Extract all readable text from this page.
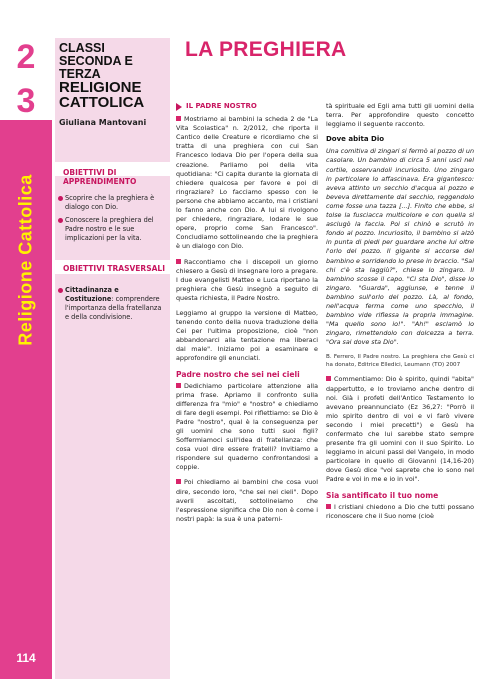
2
3
Religione Cattolica
114
CLASSI SECONDA E TERZA
RELIGIONE CATTOLICA
Giuliana Mantovani
OBIETTIVI DI APPRENDIMENTO
Scoprire che la preghiera è dialogo con Dio.
Conoscere la preghiera del Padre nostro e le sue implicazioni per la vita.
OBIETTIVI TRASVERSALI
Cittadinanza e Costituzione: comprendere l'importanza della fratellanza e della condivisione.
LA PREGHIERA
IL PADRE NOSTRO

Mostriamo ai bambini la scheda 2 de "La Vita Scolastica" n. 2/2012, che riporta il Cantico delle Creature e ricordiamo che si tratta di una preghiera con cui San Francesco lodava Dio per l'opera della sua creazione. Parliamo poi della vita quotidiana: "Ci capita durante la giornata di chiedere qualcosa per favore e poi di ringraziare? Lo facciamo spesso con le persone che abbiamo accanto, ma i cristiani lo fanno anche con Dio. A lui si rivolgono per chiedere, ringraziare, lodare le sue opere, proprio come San Francesco". Concludiamo sottolineando che la preghiera è un dialogo con Dio.

Raccontiamo che i discepoli un giorno chiesero a Gesù di insegnare loro a pregare. I due evangelisti Matteo e Luca riportano la preghiera che Gesù insegnò a seguito di questa richiesta, il Padre Nostro.

Leggiamo al gruppo la versione di Matteo, tenendo conto della nuova traduzione della Cei per l'ultima proposizione, cioè "non abbandonarci alla tentazione ma liberaci dal male". Iniziamo poi a esaminare e approfondire gli enunciati.

Padre nostro che sei nei cieli

Dedichiamo particolare attenzione alla prima frase. Apriamo il confronto sulla differenza fra "mio" e "nostro" e chiediamo di fare degli esempi. Poi riflettiamo: se Dio è Padre "nostro", qual è la conseguenza per gli uomini che sono tutti suoi figli? Soffermiamoci sull'idea di fratellanza: che cosa vuol dire essere fratelli? Invitiamo a rispondere sul quaderno confrontandosi a coppie.

Poi chiediamo ai bambini che cosa vuol dire, secondo loro, "che sei nei cieli". Dopo averli ascoltati, sottolineiamo che l'espressione significa che Dio non è come i nostri papà: la sua è una paterni-

tà spirituale ed Egli ama tutti gli uomini della terra. Per approfondire questo concetto leggiamo il seguente racconto.

Dove abita Dio

Una comitiva di zingari si fermò al pozzo di un casolare. Un bambino di circa 5 anni uscì nel cortile, osservandoli incuriosito. Uno zingaro in particolare lo affascinava. Era gigantesco: aveva attinto un secchio d'acqua al pozzo e beveva direttamente dal secchio, reggendolo come fosse una tazza [...]. Finito che ebbe, si tolse la fusciacca multicolore e con quella si asciugò la faccia. Poi si chinò e scrutò in fondo al pozzo. Incuriosito, il bambino si alzò in punta di piedi per guardare anche lui oltre l'orlo del pozzo. Il gigante si accorse del bambino e sorridendo lo prese in braccio. "Sai chi c'è sta laggiù?", chiese lo zingaro. Il bambino scosse il capo. "Ci sta Dio", disse lo zingaro. "Guarda", aggiunse, e tenne il bambino sull'orlo del pozzo. Là, al fondo, nell'acqua ferma come uno specchio, il bambino vide riflessa la propria immagine. "Ma quello sono io!". "Ah!" esclamò lo zingaro, rimettendolo con dolcezza a terra. "Ora sai dove sta Dio".

B. Ferrero, Il Padre nostro. La preghiera che Gesù ci ha donato, Editrice Elledici, Leumann (TO) 2007

Commentiamo: Dio è spirito, quindi "abita" dappertutto, e lo troviamo anche dentro di noi. Già i profeti dell'Antico Testamento lo avevano preannunciato (Ez 36,27: "Porrò il mio spirito dentro di voi e vi farò vivere secondo i miei precetti") e Gesù ha confermato che lui sarebbe stato sempre presente fra gli uomini con il suo Spirito. Lo leggiamo in alcuni passi del Vangelo, in modo particolare in quello di Giovanni (14,16-20) dove Gesù dice "voi saprete che io sono nel Padre e voi in me e io in voi".

Sia santificato il tuo nome

I cristiani chiedono a Dio che tutti possano riconoscere che il Suo nome (cioè
